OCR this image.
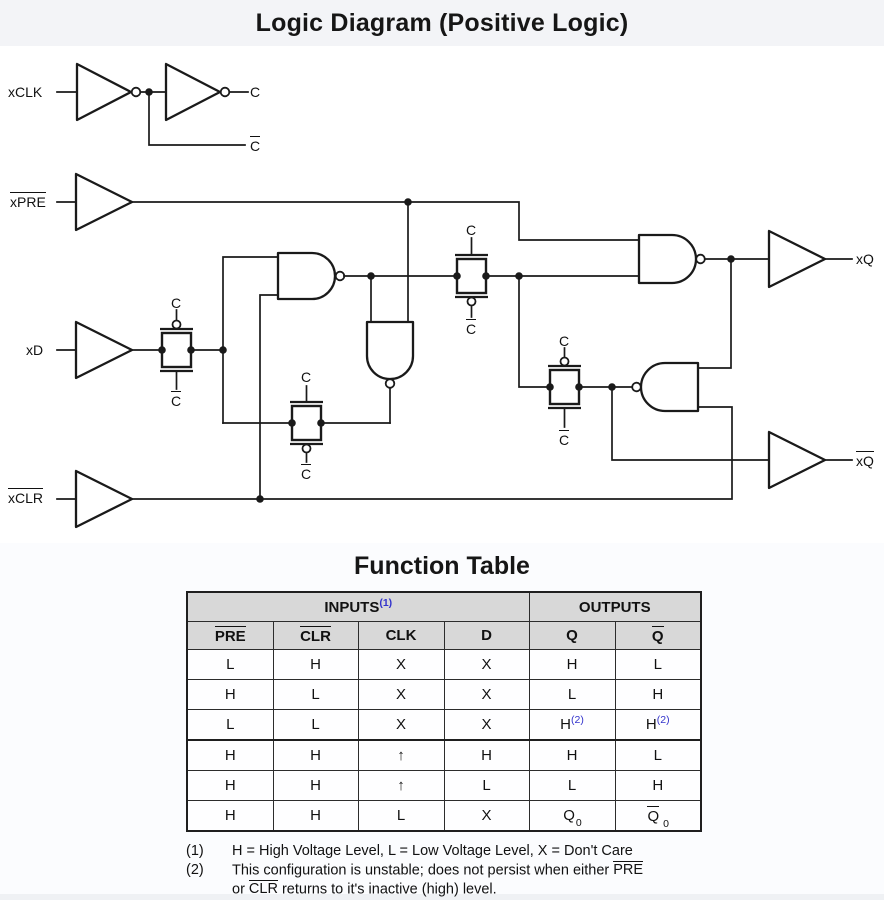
Logic Diagram (Positive Logic)
xCLK	C
C
xPRE
xD
xCLR
xQ
xQ
C
C
C
C
C
C
C
C
Function Table
INPUTS$^{(1)}$				OUTPUTS	
PRE	CLR	CLK	D	Q	Q
L	H	X	X	H	L
H	L	X	X	L	H
L	L	X	X	H$^{(2)}$	H$^{(2)}$
H	H	↑	H	H	L
H	H	↑	L	L	H
H	H	L	X	$Q_0$	Q $_0$
(1)	H = High Voltage Level, L = Low Voltage Level, X = Don't Care
(2)	This configuration is unstable; does not persist when either PRE
or CLR returns to it's inactive (high) level.
